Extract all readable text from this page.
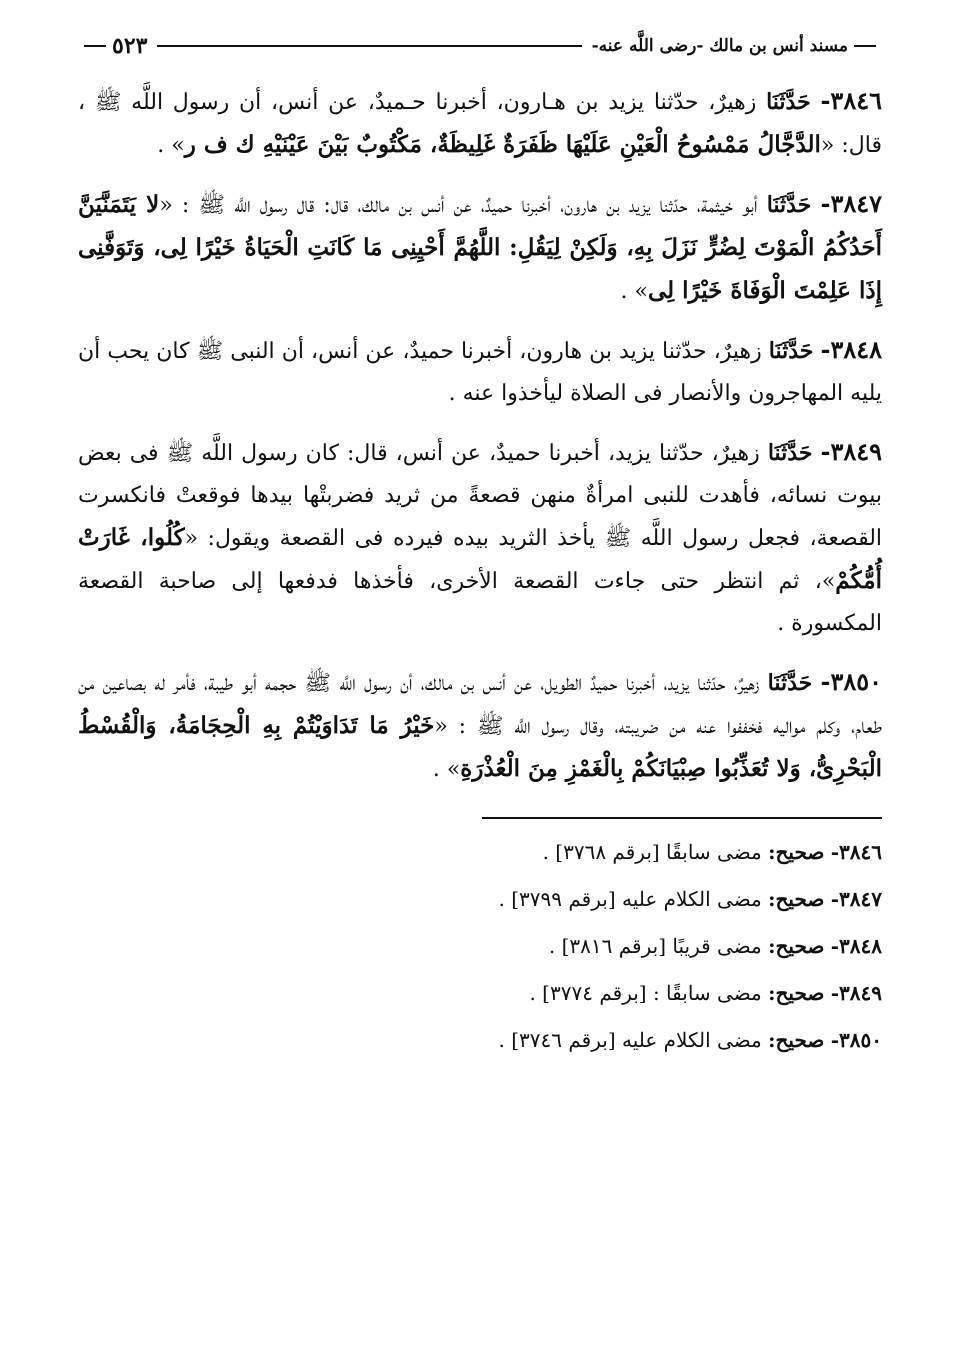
مسند أنس بن مالك -رضى اللَّه عنه-
٥٢٣

٣٨٤٦- حَدَّثَنَا زهيرٌ، حدّثنا يزيد بن هـارون، أخبرنا حـميدٌ، عن أنس، أن رسول اللَّه ﷺ ، قال: «الدَّجَّالُ مَمْسُوحُ الْعَيْنِ عَلَيْهَا ظَفَرَةٌ غَلِيظَةٌ، مَكْتُوبٌ بَيْنَ عَيْنَيْهِ ك ف ر» .

٣٨٤٧- حَدَّثَنَا أبو خيثمة، حدّثنا يزيد بن هارون، أخبرنا حميدٌ، عن أنس بن مالك، قال: قال رسول اللَّه ﷺ : «لا يَتَمَنَّيَنَّ أَحَدُكُمُ الْمَوْتَ لِضُرٍّ نَزَلَ بِهِ، وَلَكِنْ لِيَقُلِ: اللَّهُمَّ أَحْيِنِى مَا كَانَتِ الْحَيَاةُ خَيْرًا لِى، وَتَوَفَّنِى إِذَا عَلِمْتَ الْوَفَاةَ خَيْرًا لِى» .

٣٨٤٨- حَدَّثَنَا زهيرٌ، حدّثنا يزيد بن هارون، أخبرنا حميدٌ، عن أنس، أن النبى ﷺ كان يحب أن يليه المهاجرون والأنصار فى الصلاة ليأخذوا عنه .

٣٨٤٩- حَدَّثَنَا زهيرٌ، حدّثنا يزيد، أخبرنا حميدٌ، عن أنس، قال: كان رسول اللَّه ﷺ فى بعض بيوت نسائه، فأهدت للنبى امرأةٌ منهن قصعةً من ثريد فضربتْها بيدها فوقعتْ فانكسرت القصعة، فجعل رسول اللَّه ﷺ يأخذ الثريد بيده فيرده فى القصعة ويقول: «كُلُوا، غَارَتْ أُمُّكُمْ»، ثم انتظر حتى جاءت القصعة الأخرى، فأخذها فدفعها إلى صاحبة القصعة المكسورة .

٣٨٥٠- حَدَّثَنَا زهيرٌ، حدّثنا يزيد، أخبرنا حميدٌ الطويل، عن أنس بن مالك، أن رسول اللَّه ﷺ حجمه أبو طيبة، فأمر له بصاعين من طعام، وكلم مواليه فخففوا عنه من ضريبته، وقال رسول اللَّه ﷺ : «خَيْرُ مَا تَدَاوَيْتُمْ بِهِ الْحِجَامَةُ، وَالْقُسْطُ الْبَحْرِىُّ، وَلا تُعَذِّبُوا صِبْيَانَكُمْ بِالْغَمْزِ مِنَ الْعُذْرَةِ» .

٣٨٤٦- صحيح: مضى سابقًا [برقم ٣٧٦٨] .
٣٨٤٧- صحيح: مضى الكلام عليه [برقم ٣٧٩٩] .
٣٨٤٨- صحيح: مضى قريبًا [برقم ٣٨١٦] .
٣٨٤٩- صحيح: مضى سابقًا : [برقم ٣٧٧٤] .
٣٨٥٠- صحيح: مضى الكلام عليه [برقم ٣٧٤٦] .
